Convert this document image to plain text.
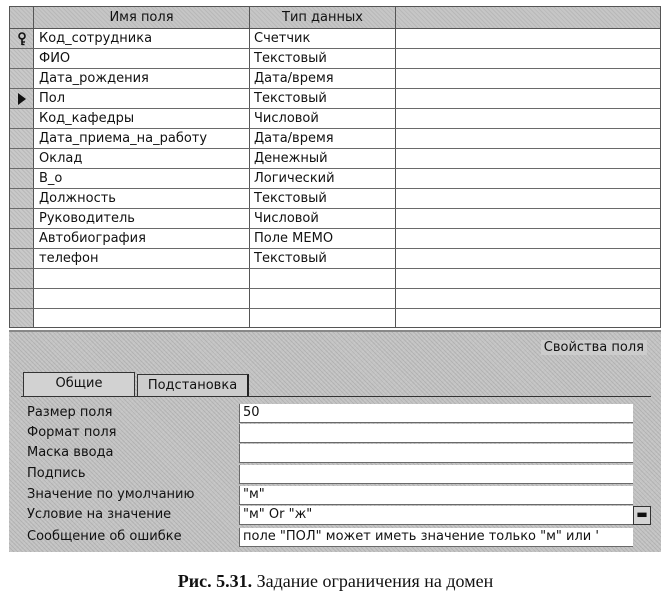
Имя поля	Тип данных
Код_сотрудника	Счетчик
ФИО	Текстовый
Дата_рождения	Дата/время
Пол	Текстовый
Код_кафедры	Числовой
Дата_приема_на_работу	Дата/время
Оклад	Денежный
В_о	Логический
Должность	Текстовый
Руководитель	Числовой
Автобиография	Поле МЕМО
телефон	Текстовый
Свойства поля
Подстановка
Общие
Размер поля	50
Формат поля
Маска ввода
Подпись
Значение по умолчанию	"м"
Условие на значение	"м" Or "ж"	▬
Сообщение об ошибке	поле "ПОЛ" может иметь значение только "м" или '
Рис. 5.31. Задание ограничения на домен
